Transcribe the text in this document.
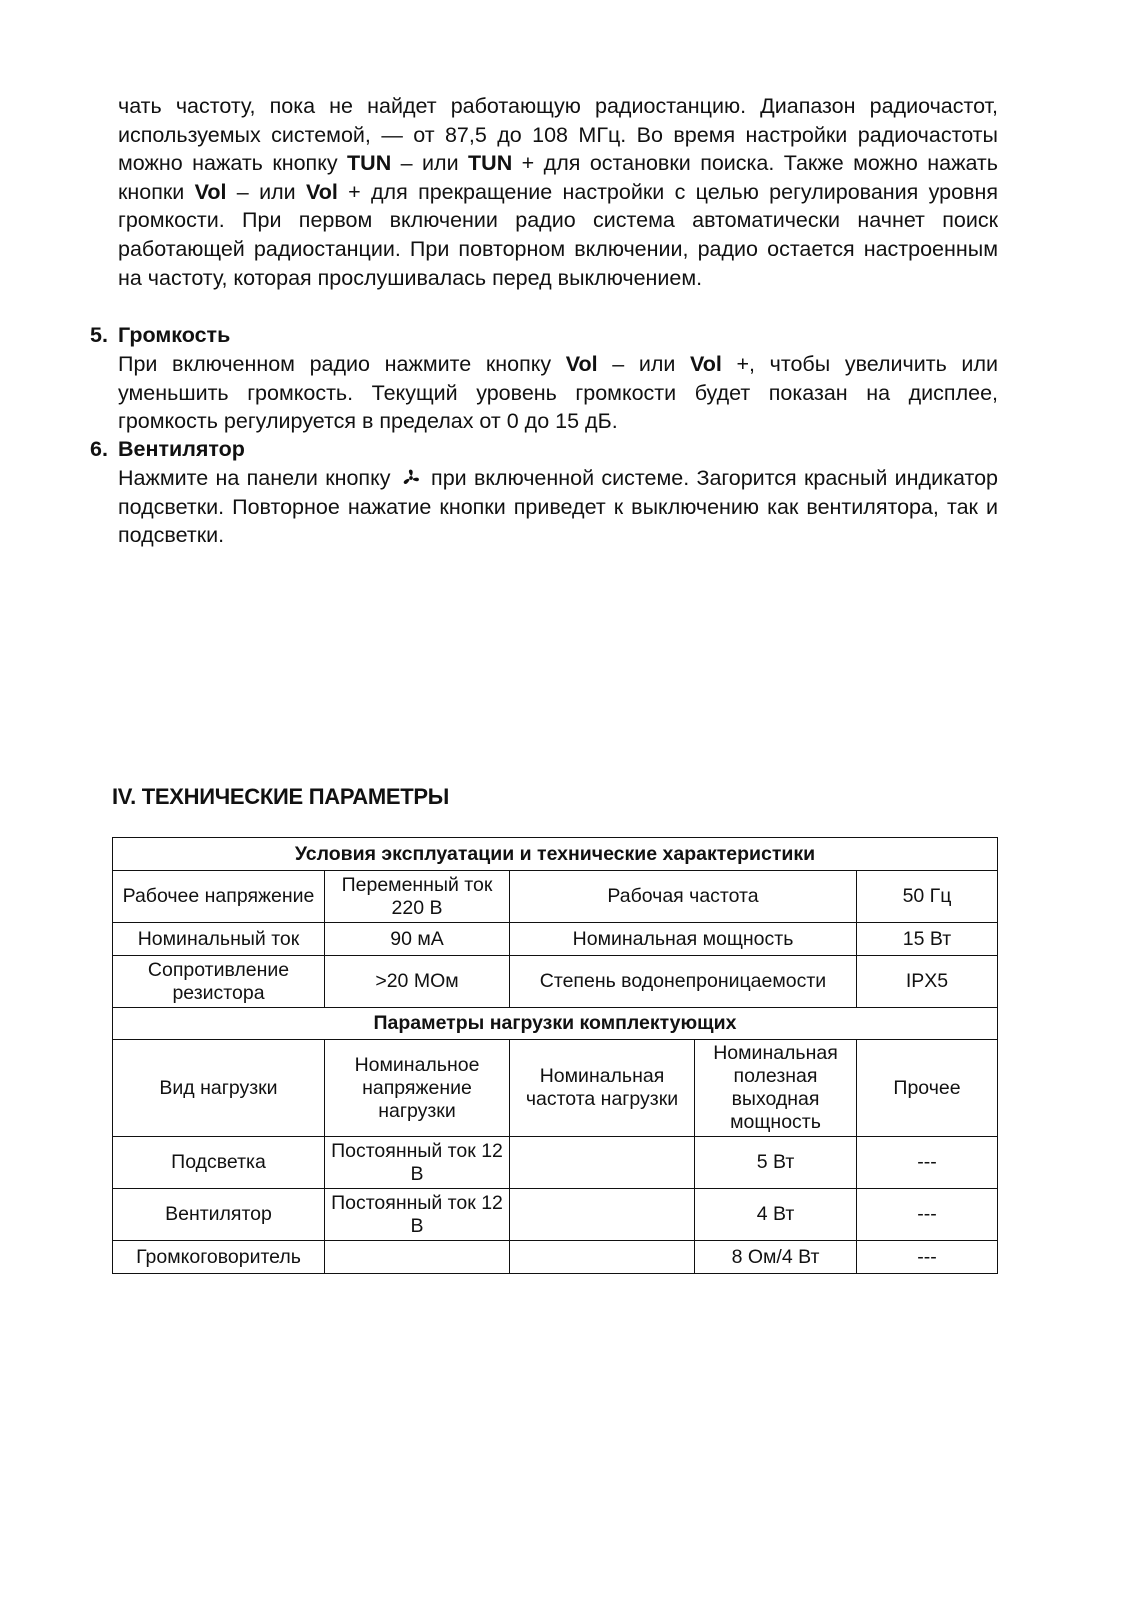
чать частоту, пока не найдет работающую радиостанцию. Диапазон радиочастот, используемых системой, — от 87,5 до 108 МГц. Во время настройки радиочастоты можно нажать кнопку TUN – или TUN + для остановки поиска. Также можно нажать кнопки Vol – или Vol + для прекращение настройки с целью регулирования уровня громкости. При первом включении радио система автоматически начнет поиск работающей радиостанции. При повторном включении, радио остается настроенным на частоту, которая прослушивалась перед выключением.

5. Громкость

При включенном радио нажмите кнопку Vol – или Vol +, чтобы увеличить или уменьшить громкость. Текущий уровень громкости будет показан на дисплее, громкость регулируется в пределах от 0 до 15 дБ.

6. Вентилятор

Нажмите на панели кнопку  при включенной системе. Загорится красный индикатор подсветки. Повторное нажатие кнопки приведет к выключению как вентилятора, так и подсветки.

IV. ТЕХНИЧЕСКИЕ ПАРАМЕТРЫ
Условия эксплуатации и технические характеристики				
Рабочее напряжение	Переменный ток 220 В	Рабочая частота		50 Гц
Номинальный ток	90 мА	Номинальная мощность		15 Вт
Сопротивление резистора	>20 МОм	Степень водонепроницаемости		IPX5
Параметры нагрузки комплектующих				
Вид нагрузки	Номинальное напряжение нагрузки	Номинальная частота нагрузки	Номинальная полезная выходная мощность	Прочее
Подсветка	Постоянный ток 12 В		5 Вт	---
Вентилятор	Постоянный ток 12 В		4 Вт	---
Громкоговоритель			8 Ом/4 Вт	---
